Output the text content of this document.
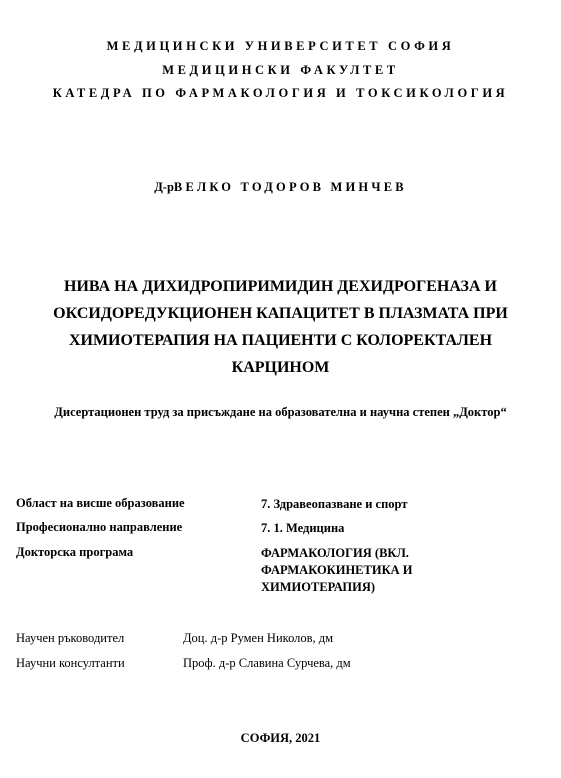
МЕДИЦИНСКИ УНИВЕРСИТЕТ СОФИЯ
МЕДИЦИНСКИ ФАКУЛТЕТ
КАТЕДРА ПО ФАРМАКОЛОГИЯ И ТОКСИКОЛОГИЯ
Д-рВЕЛКО ТОДОРОВ МИНЧЕВ
НИВА НА ДИХИДРОПИРИМИДИН ДЕХИДРОГЕНАЗА И ОКСИДОРЕДУКЦИОНЕН КАПАЦИТЕТ В ПЛАЗМАТА ПРИ ХИМИОТЕРАПИЯ НА ПАЦИЕНТИ С КОЛОРЕКТАЛЕН КАРЦИНОМ
Дисертационен труд за присъждане на образователна и научна степен „Доктор“
Област на висше образование	7. Здравеопазване и спорт
Професионално направление	7. 1. Медицина
Докторска програма	ФАРМАКОЛОГИЯ (ВКЛ. ФАРМАКОКИНЕТИКА И ХИМИОТЕРАПИЯ)
Научен ръководител	Доц. д-р Румен Николов, дм
Научни консултанти	Проф. д-р Славина Сурчева, дм
СОФИЯ, 2021
